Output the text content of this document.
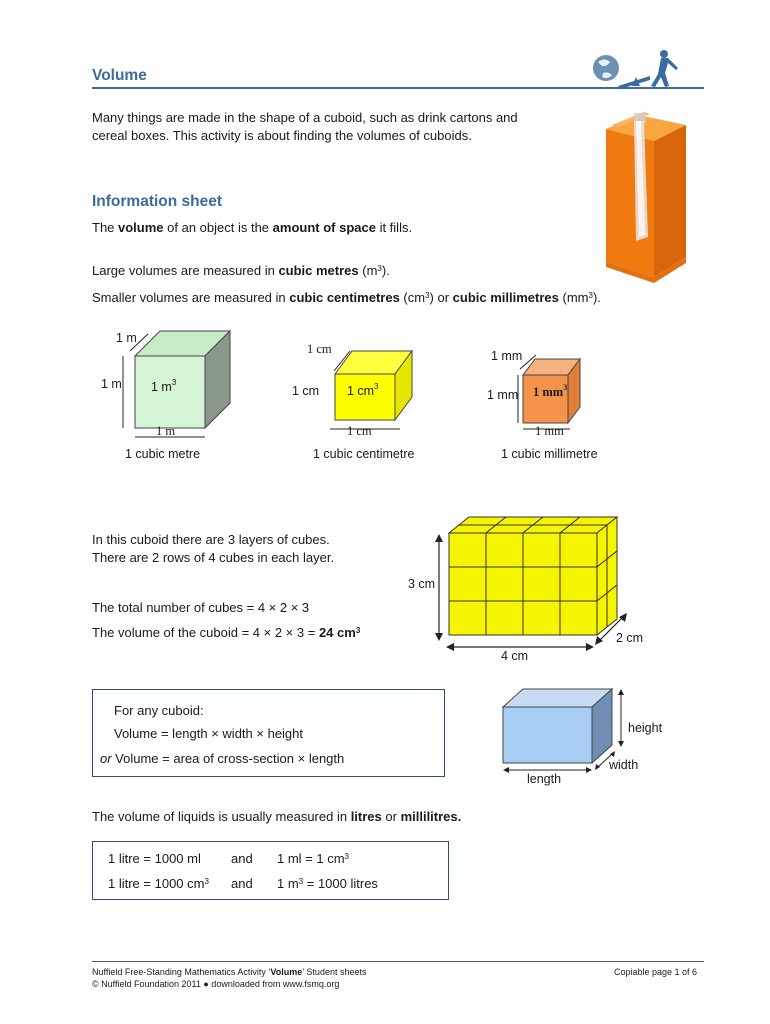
Volume
Many things are made in the shape of a cuboid, such as drink cartons and
cereal boxes. This activity is about finding the volumes of cuboids.
Information sheet
The volume of an object is the amount of space it fills.
Large volumes are measured in cubic metres $(m^3)$.
Smaller volumes are measured in cubic centimetres $(cm^3)$ or cubic millimetres $(mm^3)$.
1 m
1 m 1 $m^3$
1 m
1 cubic metre
1 cm
1 cm 1 $cm^3$
1 cm
1 cubic centimetre
1 mm
1 mm 1 $mm^3$
1 mm
1 cubic millimetre
In this cuboid there are 3 layers of cubes.
There are 2 rows of 4 cubes in each layer.
The total number of cubes = 4 × 2 × 3
The volume of the cuboid = 4 × 2 × 3 = 24 $cm^3$
3 cm
2 cm
4 cm
For any cuboid:
Volume = length × width × height
or Volume = area of cross-section × length
height
width
length
The volume of liquids is usually measured in litres or millilitres.
1 litre = 1000 ml and 1 ml = 1 $cm^3$
1 litre = 1000 $cm^3$ and 1 $m^3 = 1000$ litres
Nuffield Free-Standing Mathematics Activity ‘Volume’ Student sheets
© Nuffield Foundation 2011 ● downloaded from www.fsmq.org
Copiable page 1 of 6
